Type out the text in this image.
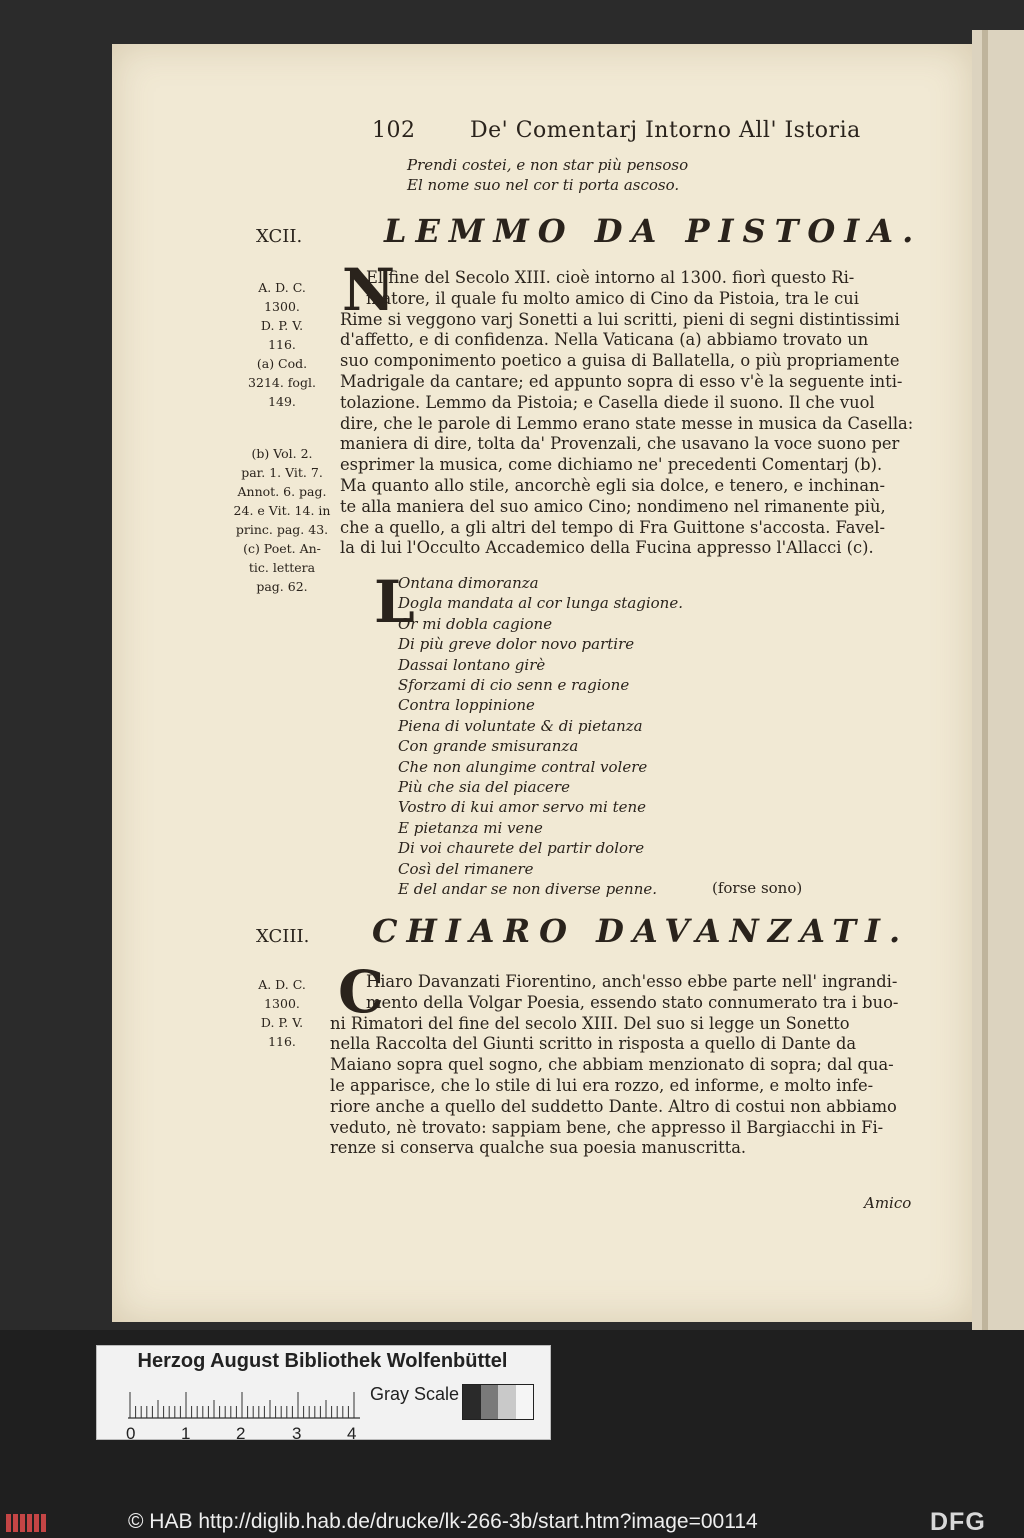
102 De' Comentarj Intorno All' Istoria
Prendi costei, e non star più pensoso
El nome suo nel cor ti porta ascoso.
XCII.	LEMMO DA PISTOIA.
A. D. C.
1300.
D. P. V.
116.
(a) Cod.
3214. fogl.
149.
(b) Vol. 2.
par. 1. Vit. 7.
Annot. 6. pag.
24. e Vit. 14. in
princ. pag. 43.
(c) Poet. An-
tic. lettera
pag. 62.
N
El fine del Secolo XIII. cioè intorno al 1300. fiorì questo Ri-
matore, il quale fu molto amico di Cino da Pistoia, tra le cui
Rime si veggono varj Sonetti a lui scritti, pieni di segni distintissimi
d'affetto, e di confidenza. Nella Vaticana (a) abbiamo trovato un
suo componimento poetico a guisa di Ballatella, o più propriamente
Madrigale da cantare; ed appunto sopra di esso v'è la seguente inti-
tolazione. Lemmo da Pistoia; e Casella diede il suono. Il che vuol
dire, che le parole di Lemmo erano state messe in musica da Casella:
maniera di dire, tolta da' Provenzali, che usavano la voce suono per
esprimer la musica, come dichiamo ne' precedenti Comentarj (b).
Ma quanto allo stile, ancorchè egli sia dolce, e tenero, e inchinan-
te alla maniera del suo amico Cino; nondimeno nel rimanente più,
che a quello, a gli altri del tempo di Fra Guittone s'accosta. Favel-
la di lui l'Occulto Accademico della Fucina appresso l'Allacci (c).
L
Ontana dimoranza
Dogla mandata al cor lunga stagione.
Or mi dobla cagione
Di più greve dolor novo partire
Dassai lontano girè
Sforzami di cio senn e ragione
Contra loppinione
Piena di voluntate & di pietanza
Con grande smisuranza
Che non alungime contral volere
Più che sia del piacere
Vostro di kui amor servo mi tene
E pietanza mi vene
Di voi chaurete del partir dolore
Così del rimanere
E del andar se non diverse penne.	(forse sono)
XCIII. CHIARO DAVANZATI.
A. D. C.
1300.
D. P. V.
116.
C
Hiaro Davanzati Fiorentino, anch'esso ebbe parte nell' ingrandi-
mento della Volgar Poesia, essendo stato connumerato tra i buo-
ni Rimatori del fine del secolo XIII. Del suo si legge un Sonetto
nella Raccolta del Giunti scritto in risposta a quello di Dante da
Maiano sopra quel sogno, che abbiam menzionato di sopra; dal qua-
le apparisce, che lo stile di lui era rozzo, ed informe, e molto infe-
riore anche a quello del suddetto Dante. Altro di costui non abbiamo
veduto, nè trovato: sappiam bene, che appresso il Bargiacchi in Fi-
renze si conserva qualche sua poesia manuscritta.
Amico
Herzog August Bibliothek Wolfenbüttel
0	1	2	3	4
Gray Scale
© HAB http://diglib.hab.de/drucke/lk-266-3b/start.htm?image=00114	DFG
